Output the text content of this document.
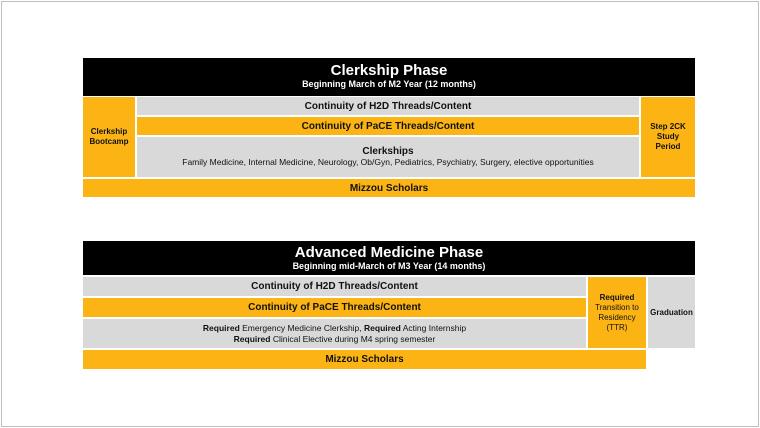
Clerkship Phase
Beginning March of M2 Year (12 months)
Clerkship
Bootcamp
Continuity of H2D Threads/Content
Continuity of PaCE Threads/Content
Clerkships
Family Medicine, Internal Medicine, Neurology, Ob/Gyn, Pediatrics, Psychiatry, Surgery, elective opportunities
Step 2CK
Study
Period
Mizzou Scholars
Advanced Medicine Phase
Beginning mid-March of M3 Year (14 months)
Continuity of H2D Threads/Content
Continuity of PaCE Threads/Content
Required Emergency Medicine Clerkship, Required Acting Internship
Required Clinical Elective during M4 spring semester
Required
Transition to
Residency
(TTR)
Graduation
Mizzou Scholars
